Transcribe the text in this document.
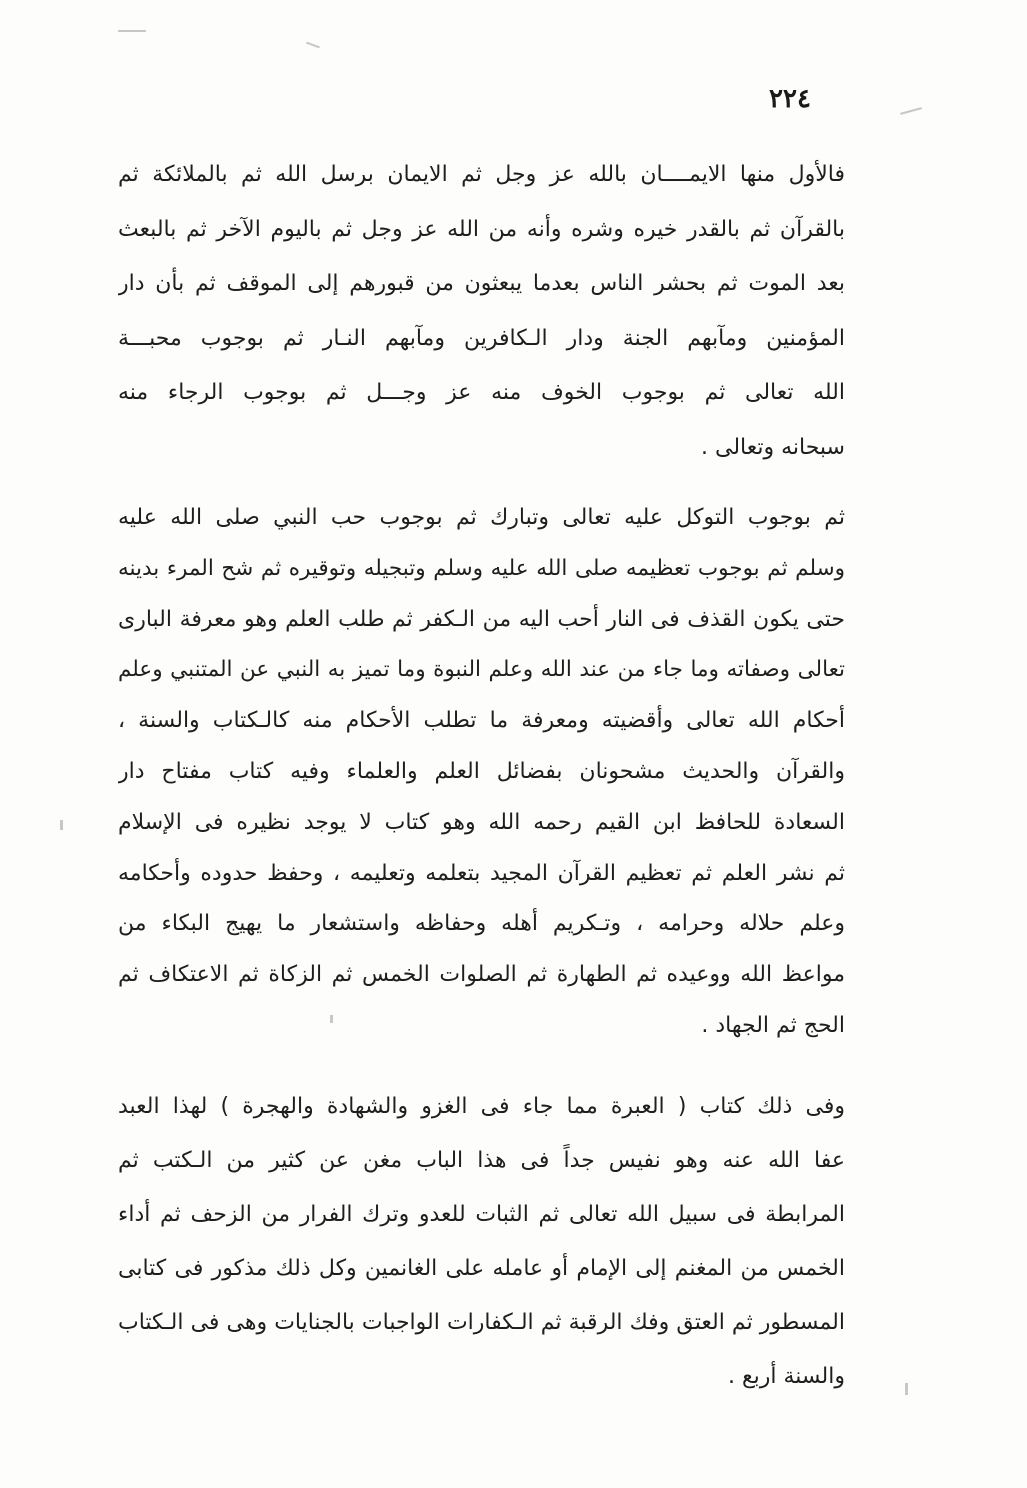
٢٢٤
فالأول منها الايمــــان بالله عز وجل ثم الايمان برسل الله ثم بالملائكة ثم
بالقرآن ثم بالقدر خيره وشره وأنه من الله عز وجل ثم باليوم الآخر ثم بالبعث
بعد الموت ثم بحشر الناس بعدما يبعثون من قبورهم إلى الموقف ثم بأن دار
المؤمنين ومآبهم الجنة ودار الـكافرين ومآبهم النـار ثم بوجوب محبـــة
الله تعالى ثم بوجوب الخوف منه عز وجـــل ثم بوجوب الرجاء منه
سبحانه وتعالى .
ثم بوجوب التوكل عليه تعالى وتبارك ثم بوجوب حب النبي صلى الله عليه
وسلم ثم بوجوب تعظيمه صلى الله عليه وسلم وتبجيله وتوقيره ثم شح المرء بدينه
حتى يكون القذف فى النار أحب اليه من الـكفر ثم طلب العلم وهو معرفة البارى
تعالى وصفاته وما جاء من عند الله وعلم النبوة وما تميز به النبي عن المتنبي وعلم
أحكام الله تعالى وأقضيته ومعرفة ما تطلب الأحكام منه كالـكتاب والسنة ،
والقرآن والحديث مشحونان بفضائل العلم والعلماء وفيه كتاب مفتاح دار
السعادة للحافظ ابن القيم رحمه الله وهو كتاب لا يوجد نظيره فى الإسلام
ثم نشر العلم ثم تعظيم القرآن المجيد بتعلمه وتعليمه ، وحفظ حدوده وأحكامه
وعلم حلاله وحرامه ، وتـكريم أهله وحفاظه واستشعار ما يهيج البكاء من
مواعظ الله ووعيده ثم الطهارة ثم الصلوات الخمس ثم الزكاة ثم الاعتكاف ثم
الحج ثم الجهاد .
وفى ذلك كتاب ( العبرة مما جاء فى الغزو والشهادة والهجرة ) لهذا العبد
عفا الله عنه وهو نفيس جداً فى هذا الباب مغن عن كثير من الـكتب ثم
المرابطة فى سبيل الله تعالى ثم الثبات للعدو وترك الفرار من الزحف ثم أداء
الخمس من المغنم إلى الإمام أو عامله على الغانمين وكل ذلك مذكور فى كتابى
المسطور ثم العتق وفك الرقبة ثم الـكفارات الواجبات بالجنايات وهى فى الـكتاب
والسنة أربع .
